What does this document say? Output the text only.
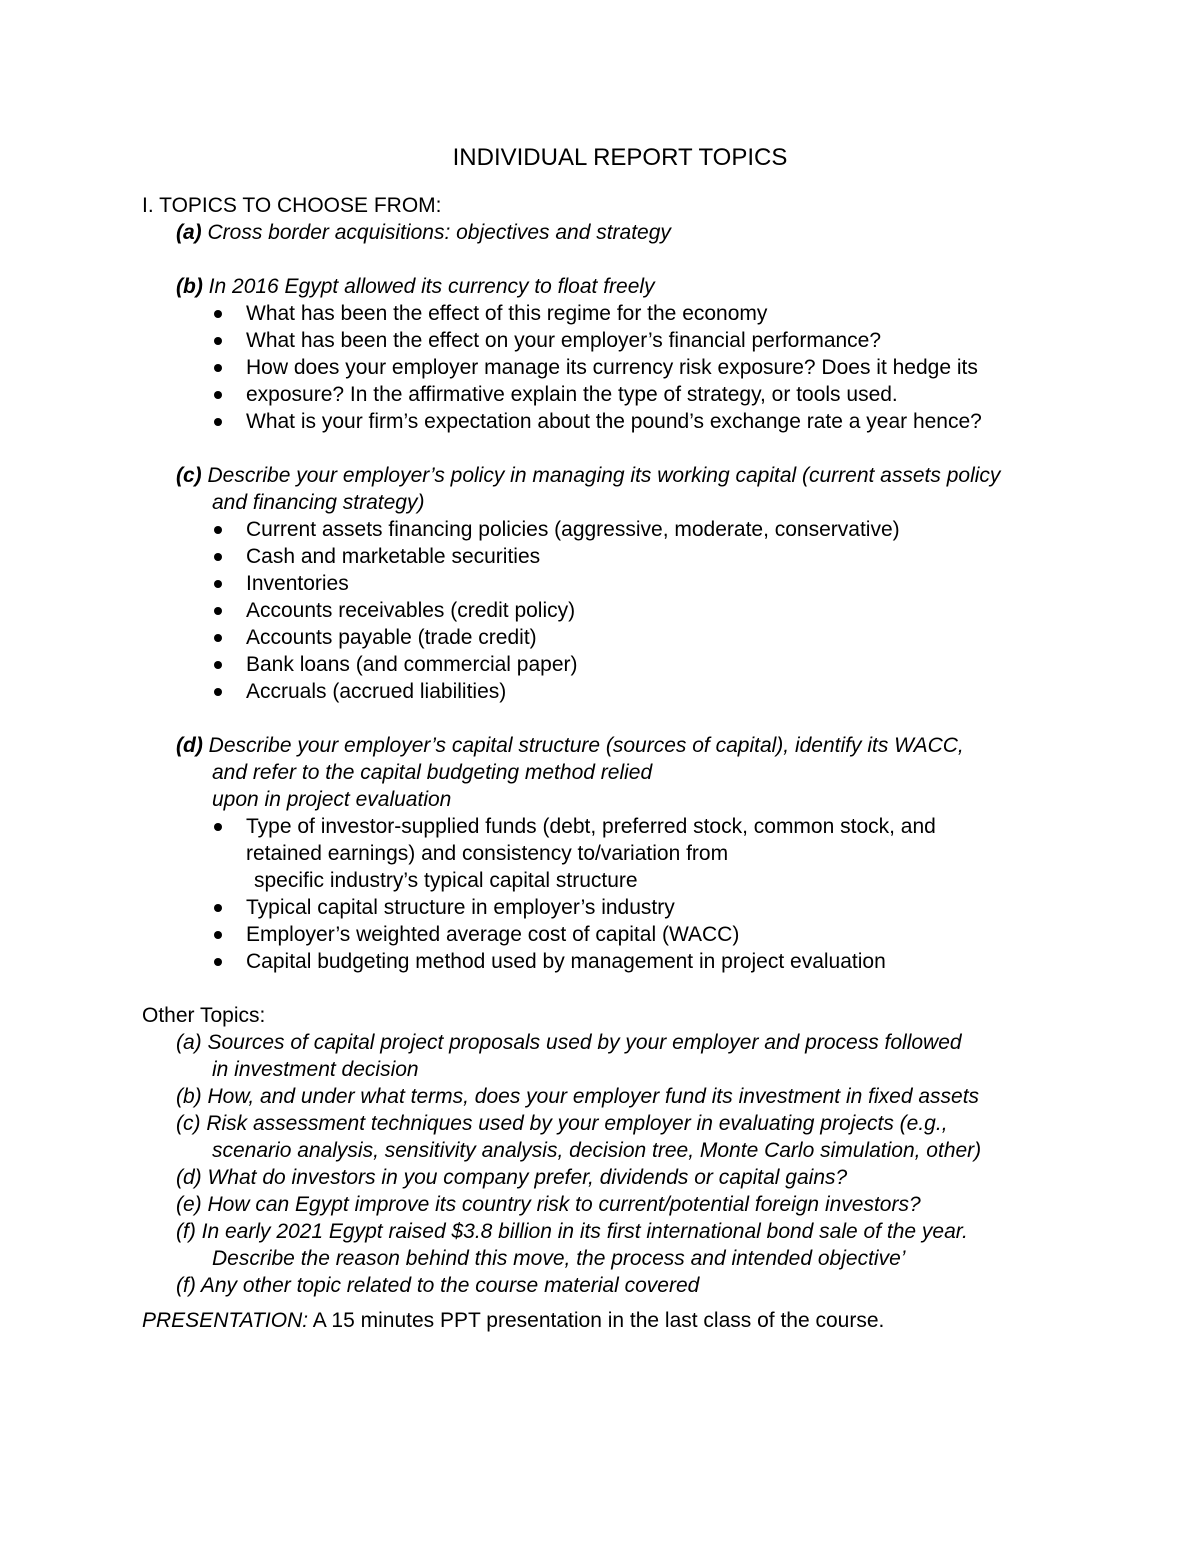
INDIVIDUAL REPORT TOPICS
I. TOPICS TO CHOOSE FROM:
(a) Cross border acquisitions: objectives and strategy
(b) In 2016 Egypt allowed its currency to float freely
What has been the effect of this regime for the economy
What has been the effect on your employer’s financial performance?
How does your employer manage its currency risk exposure? Does it hedge its
exposure? In the affirmative explain the type of strategy, or tools used.
What is your firm’s expectation about the pound’s exchange rate a year hence?
(c) Describe your employer’s policy in managing its working capital (current assets policy
and financing strategy)
Current assets financing policies (aggressive, moderate, conservative)
Cash and marketable securities
Inventories
Accounts receivables (credit policy)
Accounts payable (trade credit)
Bank loans (and commercial paper)
Accruals (accrued liabilities)
(d) Describe your employer’s capital structure (sources of capital), identify its WACC,
and refer to the capital budgeting method relied
upon in project evaluation
Type of investor-supplied funds (debt, preferred stock, common stock, and
retained earnings) and consistency to/variation from
specific industry’s typical capital structure
Typical capital structure in employer’s industry
Employer’s weighted average cost of capital (WACC)
Capital budgeting method used by management in project evaluation
Other Topics:
(a) Sources of capital project proposals used by your employer and process followed
in investment decision
(b) How, and under what terms, does your employer fund its investment in fixed assets
(c) Risk assessment techniques used by your employer in evaluating projects (e.g.,
scenario analysis, sensitivity analysis, decision tree, Monte Carlo simulation, other)
(d) What do investors in you company prefer, dividends or capital gains?
(e) How can Egypt improve its country risk to current/potential foreign investors?
(f) In early 2021 Egypt raised $3.8 billion in its first international bond sale of the year.
Describe the reason behind this move, the process and intended objective’
(f) Any other topic related to the course material covered
PRESENTATION: A 15 minutes PPT presentation in the last class of the course.
